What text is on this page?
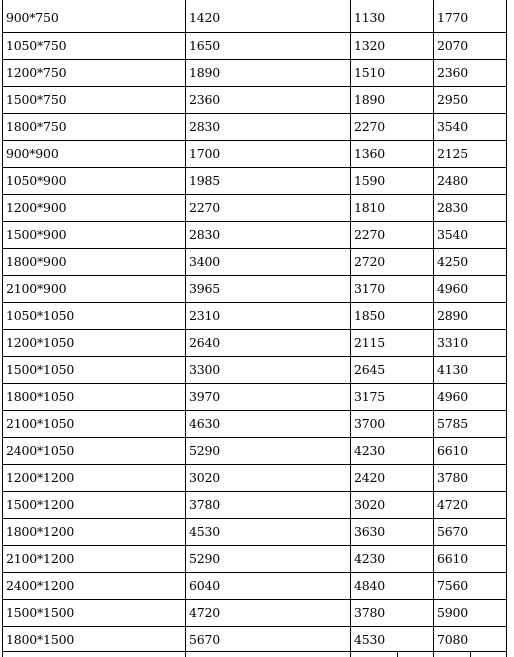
900*750	1420	1130	1770
1050*750	1650	1320	2070
1200*750	1890	1510	2360
1500*750	2360	1890	2950
1800*750	2830	2270	3540
900*900	1700	1360	2125
1050*900	1985	1590	2480
1200*900	2270	1810	2830
1500*900	2830	2270	3540
1800*900	3400	2720	4250
2100*900	3965	3170	4960
1050*1050	2310	1850	2890
1200*1050	2640	2115	3310
1500*1050	3300	2645	4130
1800*1050	3970	3175	4960
2100*1050	4630	3700	5785
2400*1050	5290	4230	6610
1200*1200	3020	2420	3780
1500*1200	3780	3020	4720
1800*1200	4530	3630	5670
2100*1200	5290	4230	6610
2400*1200	6040	4840	7560
1500*1500	4720	3780	5900
1800*1500	5670	4530	7080
